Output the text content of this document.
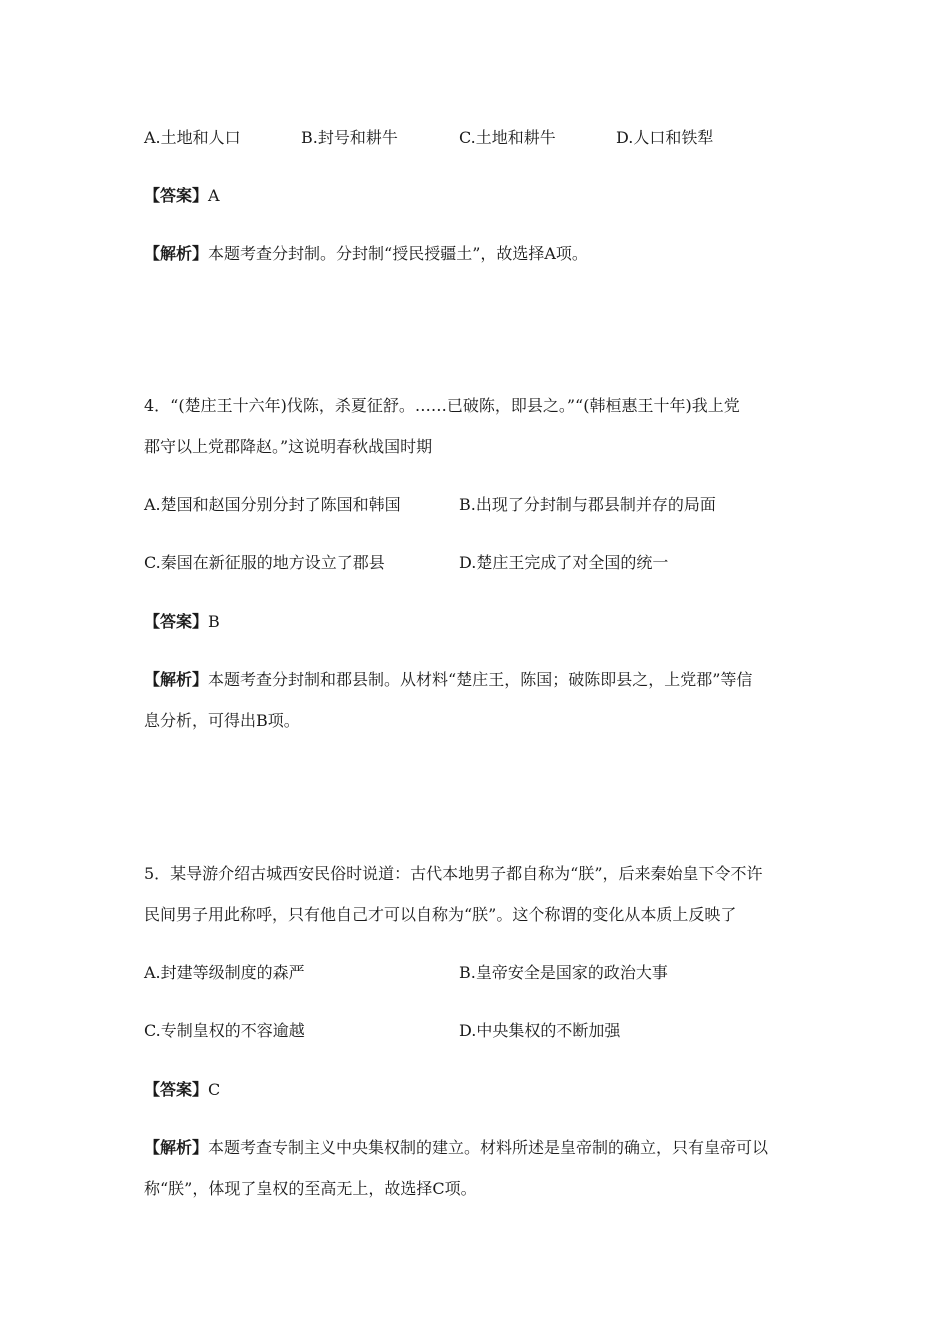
A.土地和人口	B.封号和耕牛	C.土地和耕牛	D.人口和铁犁
【答案】A
【解析】本题考查分封制。分封制“授民授疆土”，故选择A项。
4．“(楚庄王十六年)伐陈，杀夏征舒。……已破陈，即县之。”“(韩桓惠王十年)我上党
郡守以上党郡降赵。”这说明春秋战国时期
A.楚国和赵国分别分封了陈国和韩国	B.出现了分封制与郡县制并存的局面
C.秦国在新征服的地方设立了郡县	D.楚庄王完成了对全国的统一
【答案】B
【解析】本题考查分封制和郡县制。从材料“楚庄王，陈国；破陈即县之，上党郡”等信
息分析，可得出B项。
5．某导游介绍古城西安民俗时说道：古代本地男子都自称为“朕”，后来秦始皇下令不许
民间男子用此称呼，只有他自己才可以自称为“朕”。这个称谓的变化从本质上反映了
A.封建等级制度的森严	B.皇帝安全是国家的政治大事
C.专制皇权的不容逾越	D.中央集权的不断加强
【答案】C
【解析】本题考查专制主义中央集权制的建立。材料所述是皇帝制的确立，只有皇帝可以
称“朕”，体现了皇权的至高无上，故选择C项。
